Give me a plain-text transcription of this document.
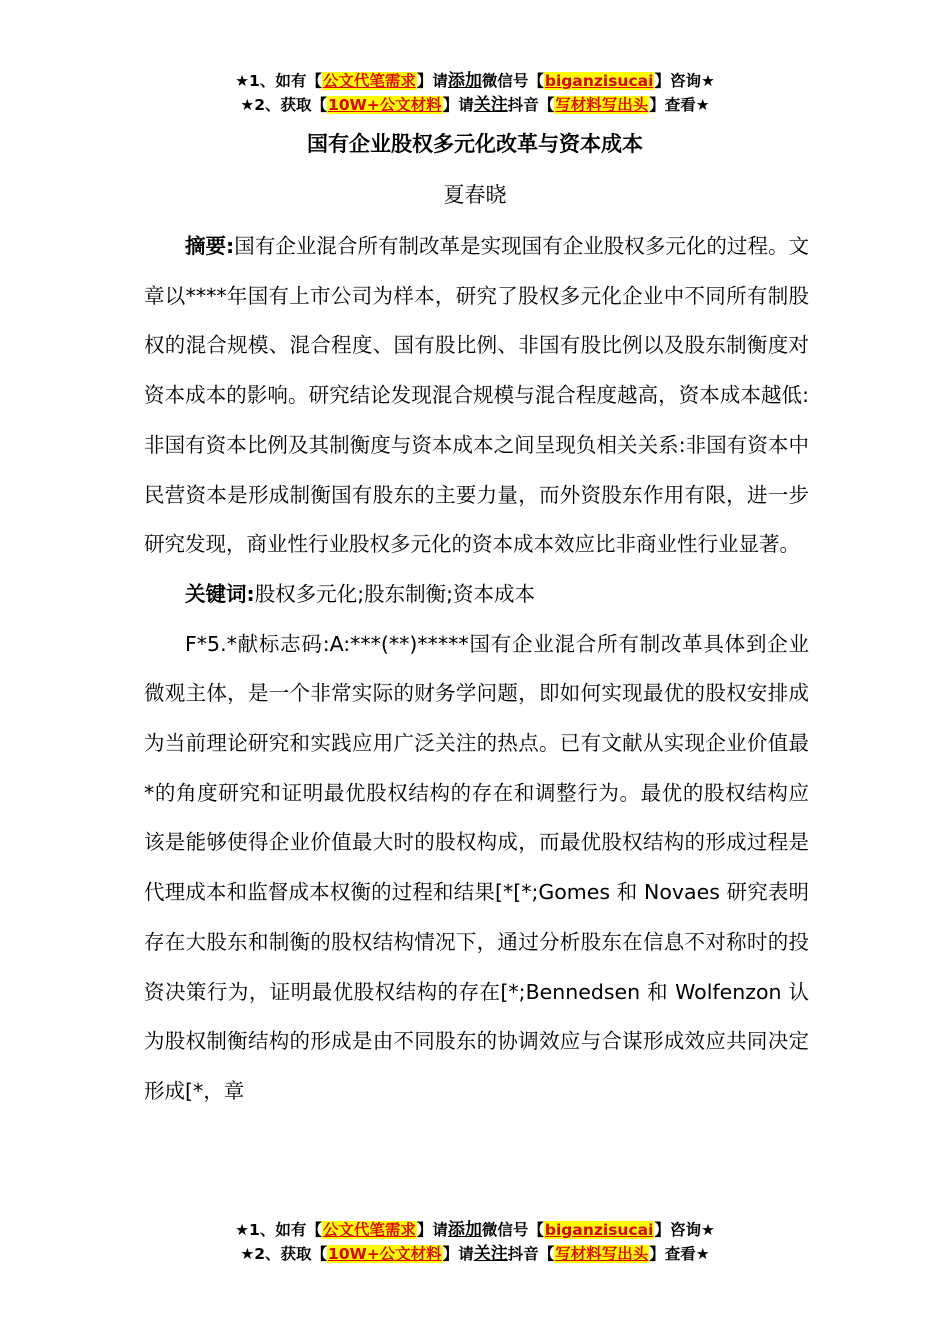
★1、如有【公文代笔需求】请添加微信号【biganzisucai】咨询★
★2、获取【10W+公文材料】请关注抖音【写材料写出头】查看★
国有企业股权多元化改革与资本成本
夏春晓

摘要:国有企业混合所有制改革是实现国有企业股权多元化的过程。文章以****年国有上市公司为样本，研究了股权多元化企业中不同所有制股权的混合规模、混合程度、国有股比例、非国有股比例以及股东制衡度对资本成本的影响。研究结论发现混合规模与混合程度越高，资本成本越低:非国有资本比例及其制衡度与资本成本之间呈现负相关关系:非国有资本中民营资本是形成制衡国有股东的主要力量，而外资股东作用有限，进一步研究发现，商业性行业股权多元化的资本成本效应比非商业性行业显著。

关键词:股权多元化;股东制衡;资本成本

F*5.*献标志码:A:***(**)*****国有企业混合所有制改革具体到企业微观主体，是一个非常实际的财务学问题，即如何实现最优的股权安排成为当前理论研究和实践应用广泛关注的热点。已有文献从实现企业价值最*的角度研究和证明最优股权结构的存在和调整行为。最优的股权结构应该是能够使得企业价值最大时的股权构成，而最优股权结构的形成过程是代理成本和监督成本权衡的过程和结果[*[*;Gomes 和 Novaes 研究表明存在大股东和制衡的股权结构情况下，通过分析股东在信息不对称时的投资决策行为，证明最优股权结构的存在[*;Bennedsen 和 Wolfenzon 认为股权制衡结构的形成是由不同股东的协调效应与合谋形成效应共同决定形成[*，章

★1、如有【公文代笔需求】请添加微信号【biganzisucai】咨询★
★2、获取【10W+公文材料】请关注抖音【写材料写出头】查看★
